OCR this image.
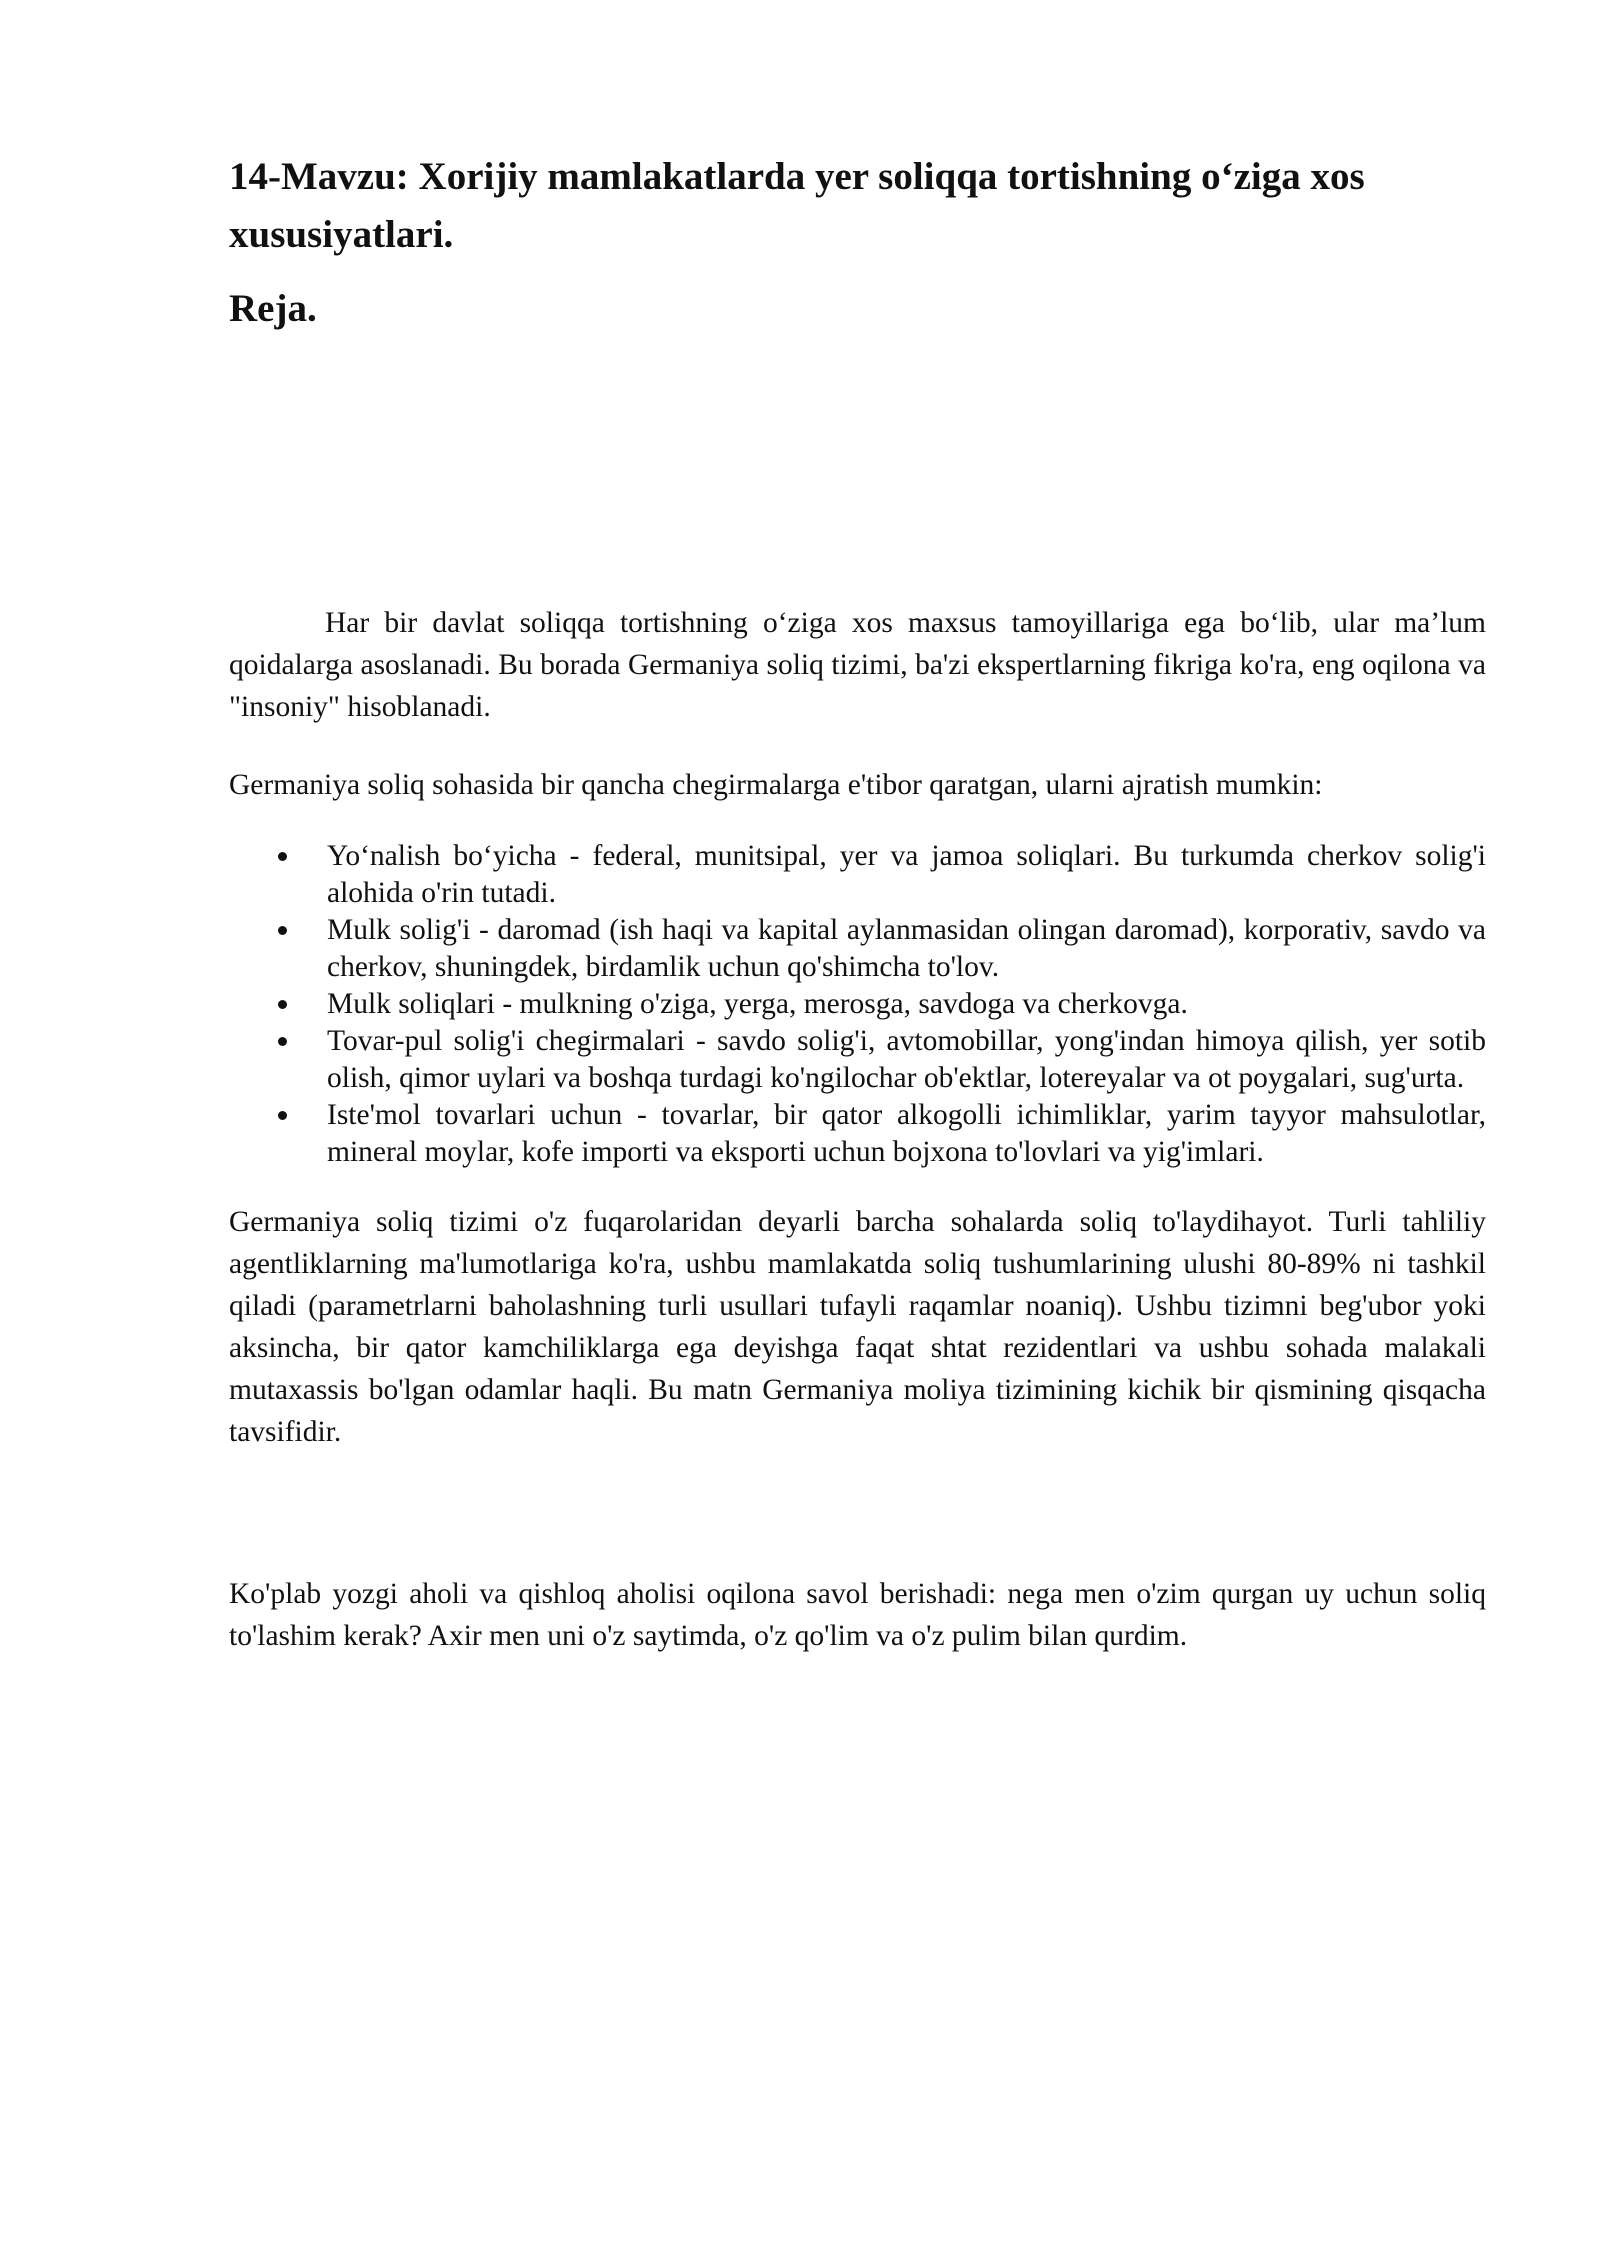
14-Mavzu: Xorijiy mamlakatlarda yer soliqqa tortishning o‘ziga xos xususiyatlari.
Reja.

Har bir davlat soliqqa tortishning o‘ziga xos maxsus tamoyillariga ega bo‘lib, ular ma’lum qoidalarga asoslanadi. Bu borada Germaniya soliq tizimi, ba'zi ekspertlarning fikriga ko'ra, eng oqilona va "insoniy" hisoblanadi.

Germaniya soliq sohasida bir qancha chegirmalarga e'tibor qaratgan, ularni ajratish mumkin:

Yo‘nalish bo‘yicha - federal, munitsipal, yer va jamoa soliqlari. Bu turkumda cherkov solig'i alohida o'rin tutadi.
Mulk solig'i - daromad (ish haqi va kapital aylanmasidan olingan daromad), korporativ, savdo va cherkov, shuningdek, birdamlik uchun qo'shimcha to'lov.
Mulk soliqlari - mulkning o'ziga, yerga, merosga, savdoga va cherkovga.
Tovar-pul solig'i chegirmalari - savdo solig'i, avtomobillar, yong'indan himoya qilish, yer sotib olish, qimor uylari va boshqa turdagi ko'ngilochar ob'ektlar, lotereyalar va ot poygalari, sug'urta.
Iste'mol tovarlari uchun - tovarlar, bir qator alkogolli ichimliklar, yarim tayyor mahsulotlar, mineral moylar, kofe importi va eksporti uchun bojxona to'lovlari va yig'imlari.

Germaniya soliq tizimi o'z fuqarolaridan deyarli barcha sohalarda soliq to'laydihayot. Turli tahliliy agentliklarning ma'lumotlariga ko'ra, ushbu mamlakatda soliq tushumlarining ulushi 80-89% ni tashkil qiladi (parametrlarni baholashning turli usullari tufayli raqamlar noaniq). Ushbu tizimni beg'ubor yoki aksincha, bir qator kamchiliklarga ega deyishga faqat shtat rezidentlari va ushbu sohada malakali mutaxassis bo'lgan odamlar haqli. Bu matn Germaniya moliya tizimining kichik bir qismining qisqacha tavsifidir.

Ko'plab yozgi aholi va qishloq aholisi oqilona savol berishadi: nega men o'zim qurgan uy uchun soliq to'lashim kerak? Axir men uni o'z saytimda, o'z qo'lim va o'z pulim bilan qurdim.
